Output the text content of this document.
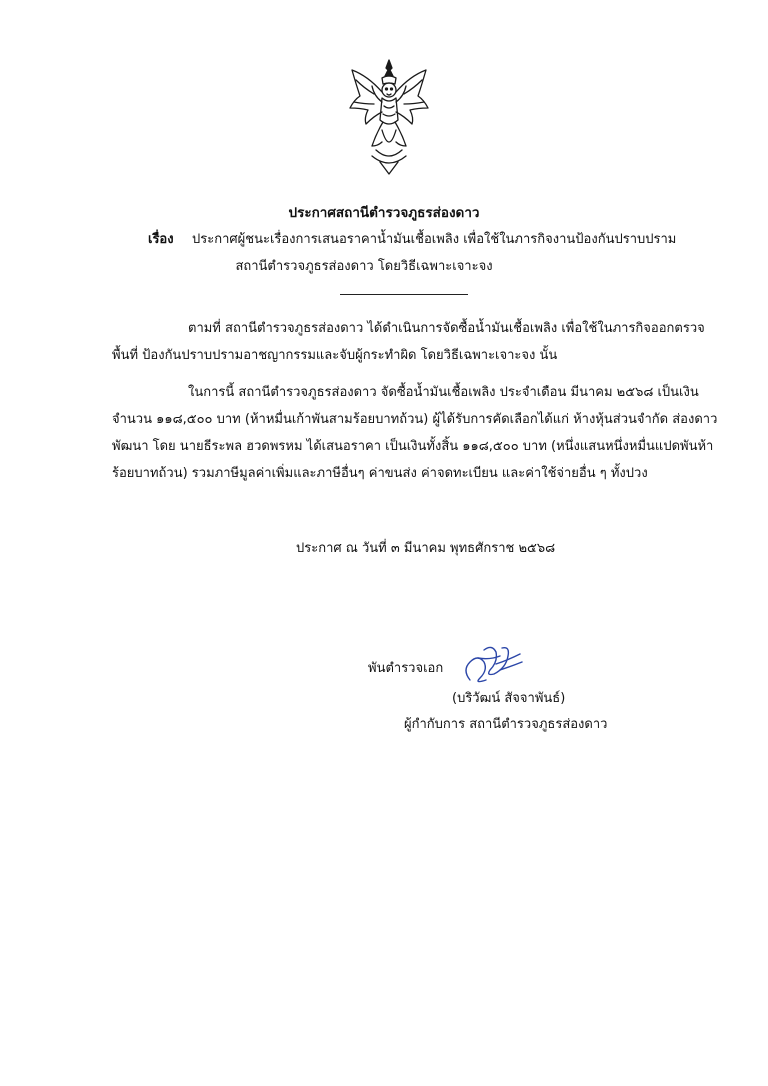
ประกาศสถานีตำรวจภูธรส่องดาว
เรื่อง ประกาศผู้ชนะเรื่องการเสนอราคาน้ำมันเชื้อเพลิง เพื่อใช้ในภารกิจงานป้องกันปราบปราม
สถานีตำรวจภูธรส่องดาว โดยวิธีเฉพาะเจาะจง
ตามที่ สถานีตำรวจภูธรส่องดาว ได้ดำเนินการจัดซื้อน้ำมันเชื้อเพลิง เพื่อใช้ในภารกิจออกตรวจ
พื้นที่ ป้องกันปราบปรามอาชญากรรมและจับผู้กระทำผิด โดยวิธีเฉพาะเจาะจง นั้น
ในการนี้ สถานีตำรวจภูธรส่องดาว จัดซื้อน้ำมันเชื้อเพลิง ประจำเดือน มีนาคม ๒๕๖๘ เป็นเงิน
จำนวน ๑๑๘,๕๐๐ บาท (ห้าหมื่นเก้าพันสามร้อยบาทถ้วน) ผู้ได้รับการคัดเลือกได้แก่ ห้างหุ้นส่วนจำกัด ส่องดาว
พัฒนา โดย นายธีระพล ฮวดพรหม ได้เสนอราคา เป็นเงินทั้งสิ้น ๑๑๘,๕๐๐ บาท (หนึ่งแสนหนึ่งหมื่นแปดพันห้า
ร้อยบาทถ้วน) รวมภาษีมูลค่าเพิ่มและภาษีอื่นๆ ค่าขนส่ง ค่าจดทะเบียน และค่าใช้จ่ายอื่น ๆ ทั้งปวง
ประกาศ ณ วันที่ ๓ มีนาคม พุทธศักราช ๒๕๖๘
พันตำรวจเอก
(บริวัฒน์ สัจจาพันธ์)
ผู้กำกับการ สถานีตำรวจภูธรส่องดาว
